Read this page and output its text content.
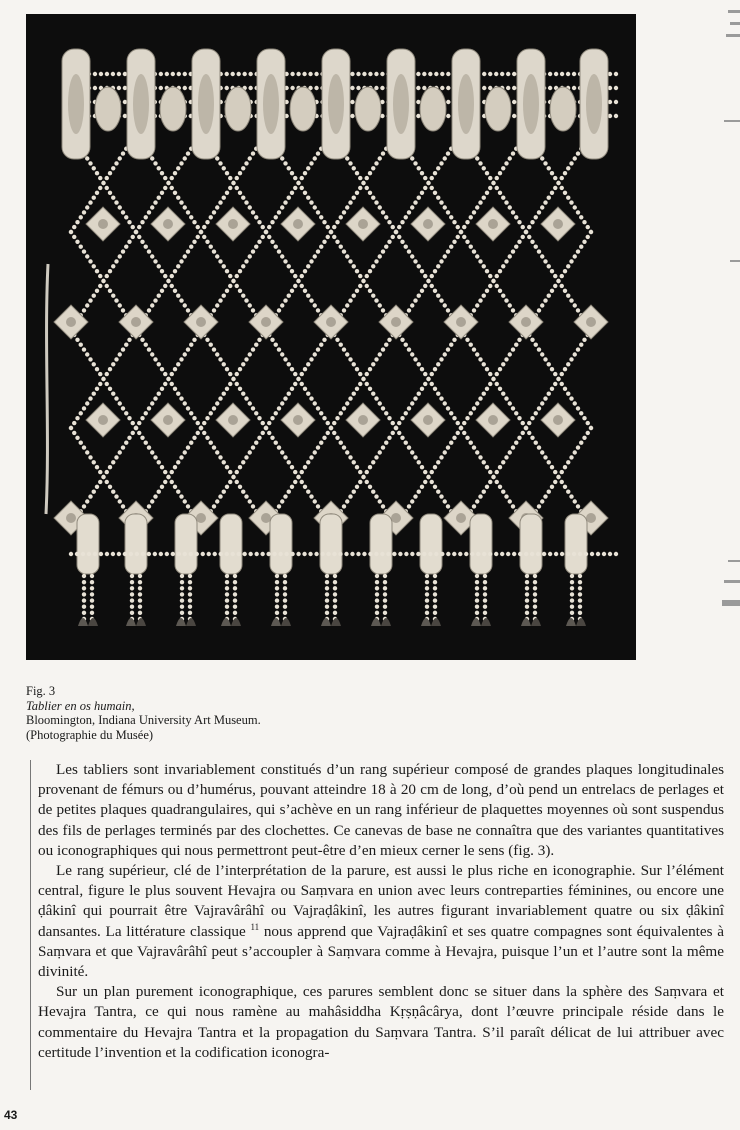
Fig. 3
Tablier en os humain,
Bloomington, Indiana University Art Museum.
(Photographie du Musée)

Les tabliers sont invariablement constitués d’un rang supérieur composé de grandes plaques longitudinales provenant de fémurs ou d’humérus, pouvant atteindre 18 à 20 cm de long, d’où pend un entrelacs de perlages et de petites plaques quadrangulaires, qui s’achève en un rang inférieur de plaquettes moyennes où sont suspendus des fils de perlages terminés par des clochettes. Ce canevas de base ne connaîtra que des variantes quantitatives ou iconographiques qui nous permettront peut-être d’en mieux cerner le sens (fig. 3).

Le rang supérieur, clé de l’interprétation de la parure, est aussi le plus riche en iconographie. Sur l’élément central, figure le plus souvent Hevajra ou Saṃvara en union avec leurs contreparties féminines, ou encore une ḍâkinî qui pourrait être Vajravârâhî ou Vajraḍâkinî, les autres figurant invariablement quatre ou six ḍâkinî dansantes. La littérature classique $^{11}$ nous apprend que Vajraḍâkinî et ses quatre compagnes sont équivalentes à Saṃvara et que Vajravârâhî peut s’accoupler à Saṃvara comme à Hevajra, puisque l’un et l’autre sont la même divinité.

Sur un plan purement iconographique, ces parures semblent donc se situer dans la sphère des Saṃvara et Hevajra Tantra, ce qui nous ramène au mahâsiddha Kṛṣṇâcârya, dont l’œuvre principale réside dans le commentaire du Hevajra Tantra et la propagation du Saṃvara Tantra. S’il paraît délicat de lui attribuer avec certitude l’invention et la codification iconogra-

43
